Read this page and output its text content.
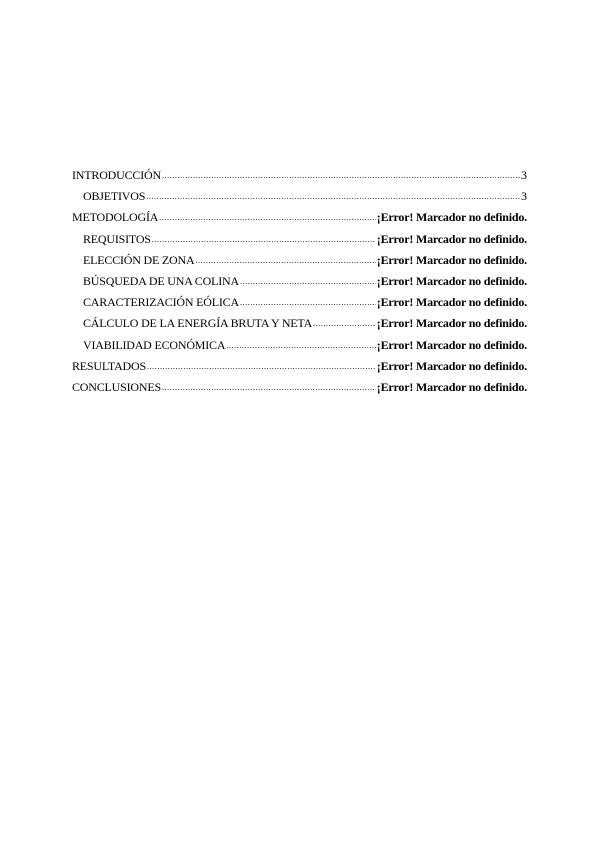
INTRODUCCIÓN .....	3
OBJETIVOS .....	3
METODOLOGÍA .....	¡Error! Marcador no definido.
REQUISITOS .....	¡Error! Marcador no definido.
ELECCIÓN DE ZONA .....	¡Error! Marcador no definido.
BÚSQUEDA DE UNA COLINA .....	¡Error! Marcador no definido.
CARACTERIZACIÓN EÓLICA .....	¡Error! Marcador no definido.
CÁLCULO DE LA ENERGÍA BRUTA Y NETA .....	¡Error! Marcador no definido.
VIABILIDAD ECONÓMICA .....	¡Error! Marcador no definido.
RESULTADOS .....	¡Error! Marcador no definido.
CONCLUSIONES .....	¡Error! Marcador no definido.
